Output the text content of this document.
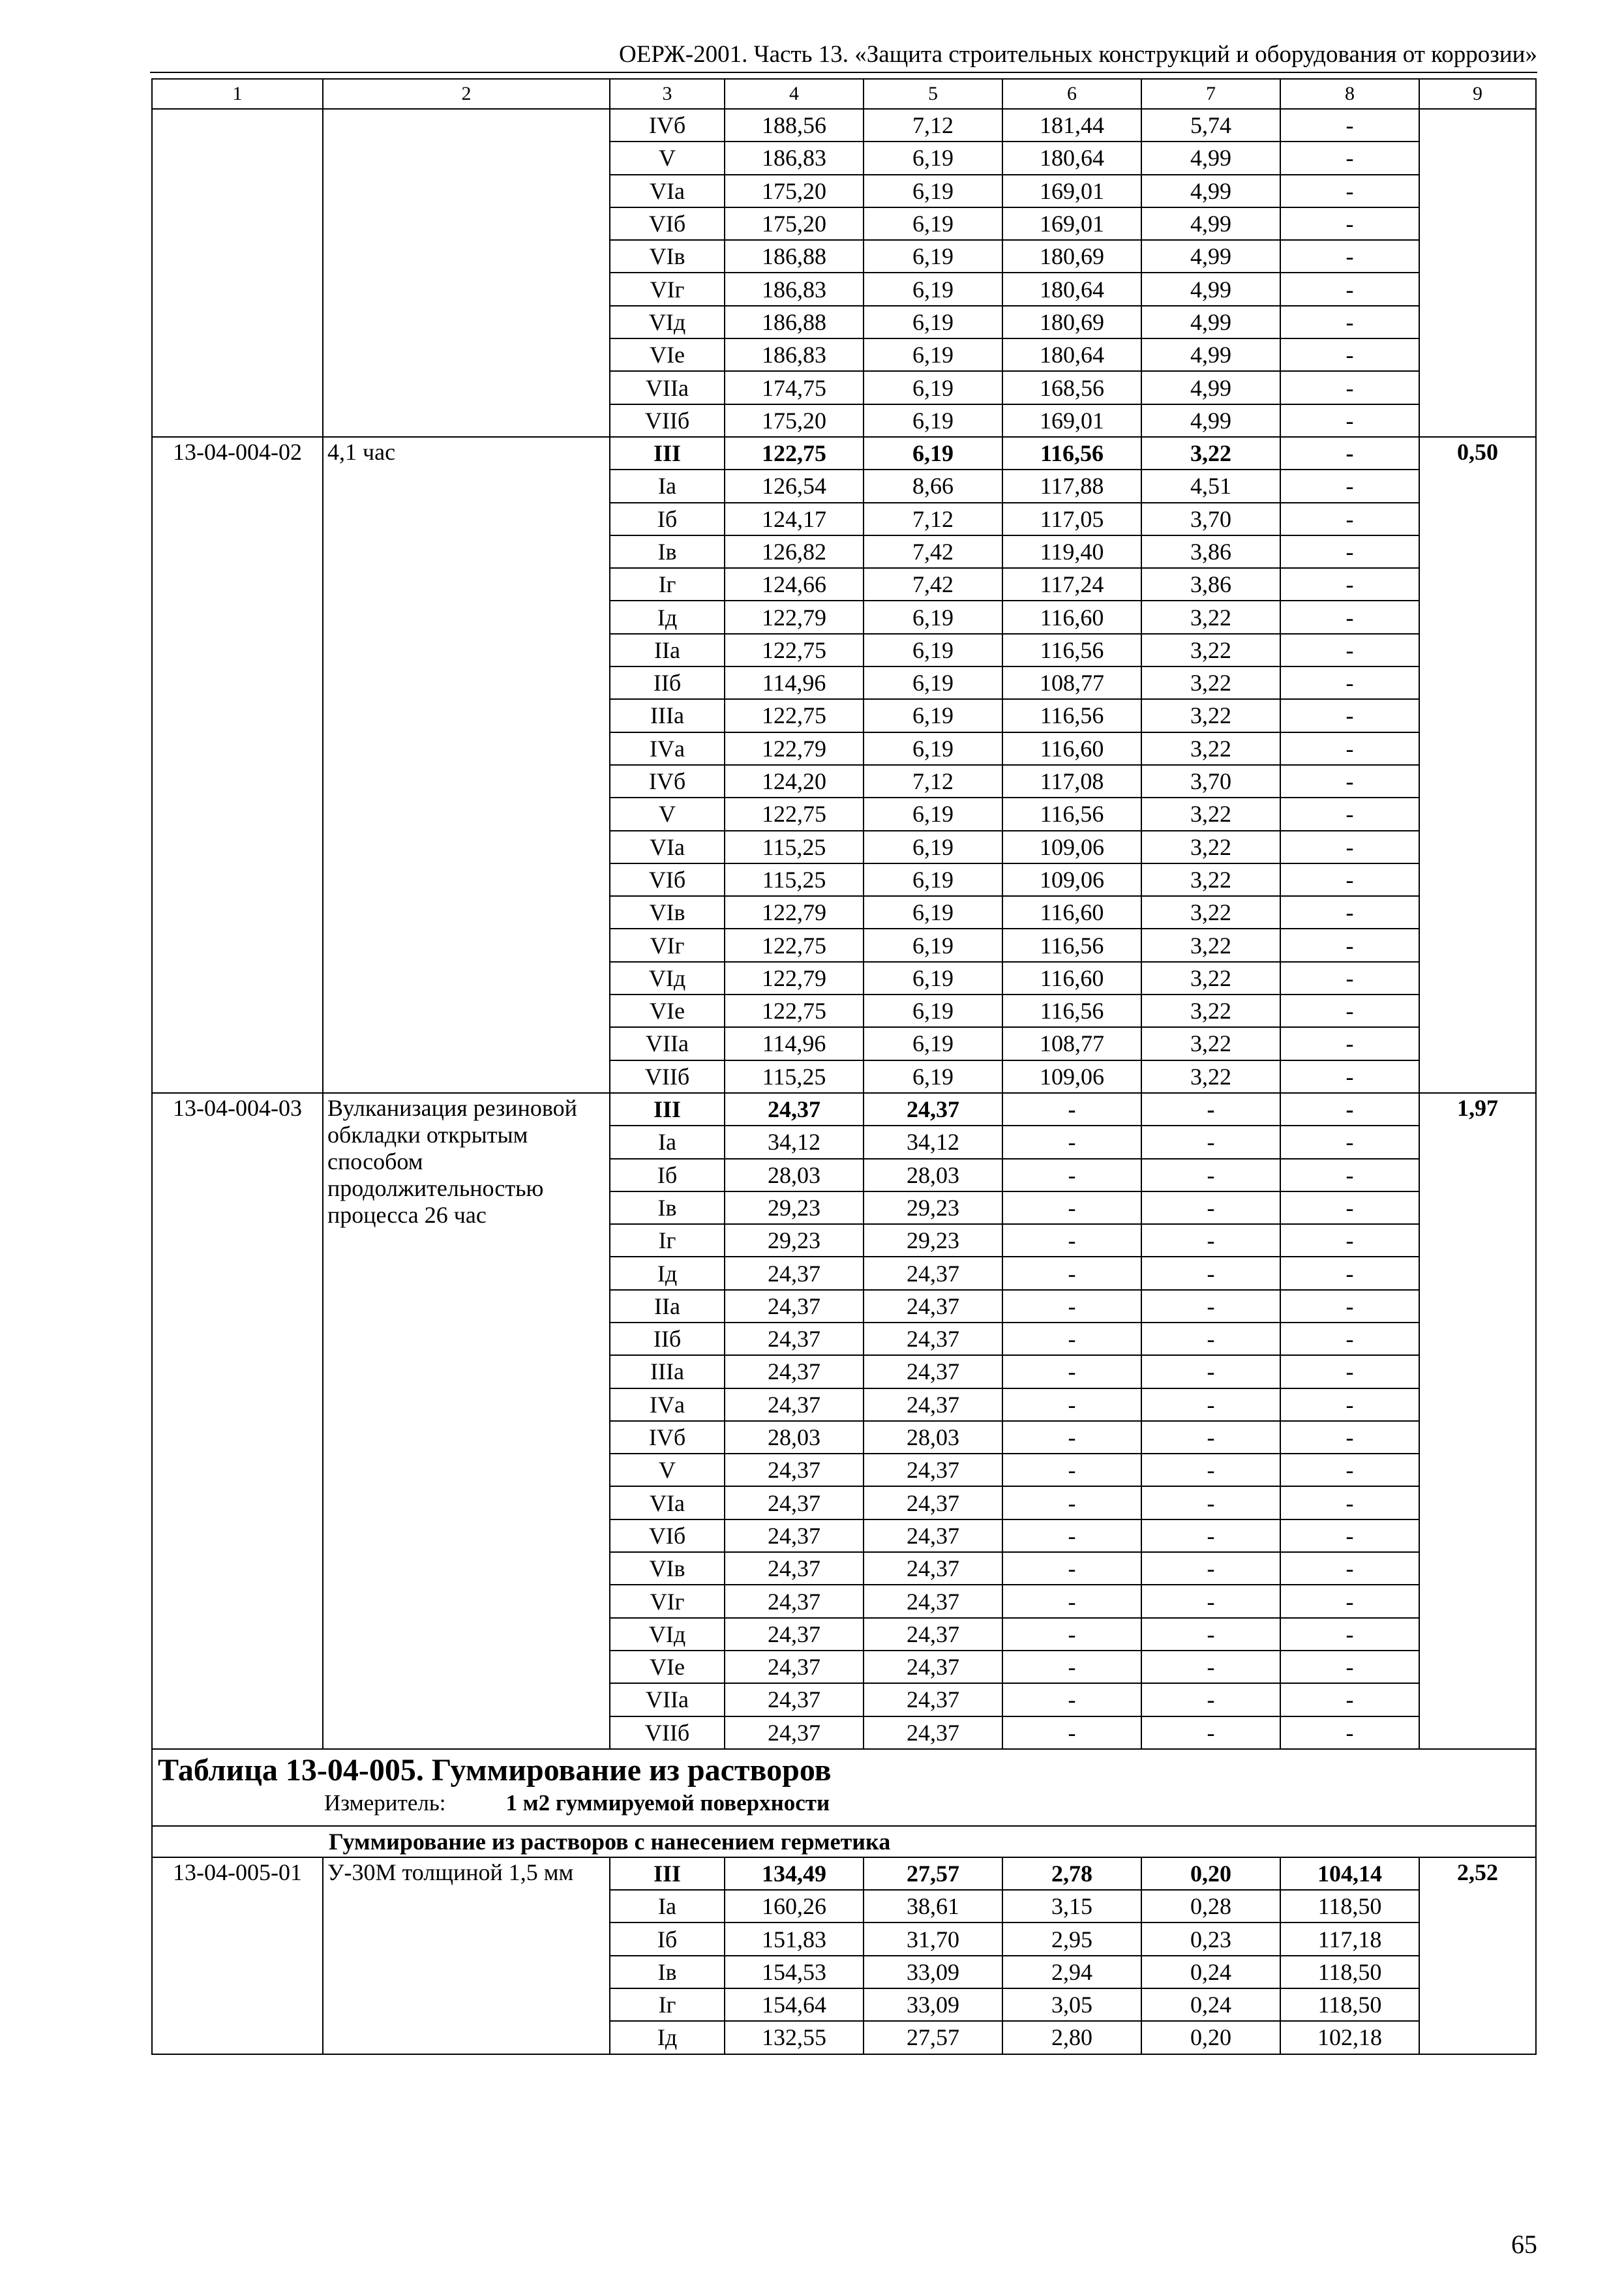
ОЕРЖ-2001. Часть 13. «Защита строительных конструкций и оборудования от коррозии»
1	2	3	4	5	6	7	8	9
		IVб	188,56	7,12	181,44	5,74	-	
		V	186,83	6,19	180,64	4,99	-	
		VIа	175,20	6,19	169,01	4,99	-	
		VIб	175,20	6,19	169,01	4,99	-	
		VIв	186,88	6,19	180,69	4,99	-	
		VIг	186,83	6,19	180,64	4,99	-	
		VIд	186,88	6,19	180,69	4,99	-	
		VIе	186,83	6,19	180,64	4,99	-	
		VIIа	174,75	6,19	168,56	4,99	-	
		VIIб	175,20	6,19	169,01	4,99	-	
13-04-004-02	4,1 час	III	122,75	6,19	116,56	3,22	-	0,50
		Iа	126,54	8,66	117,88	4,51	-	
		Iб	124,17	7,12	117,05	3,70	-	
		Iв	126,82	7,42	119,40	3,86	-	
		Iг	124,66	7,42	117,24	3,86	-	
		Iд	122,79	6,19	116,60	3,22	-	
		IIа	122,75	6,19	116,56	3,22	-	
		IIб	114,96	6,19	108,77	3,22	-	
		IIIа	122,75	6,19	116,56	3,22	-	
		IVа	122,79	6,19	116,60	3,22	-	
		IVб	124,20	7,12	117,08	3,70	-	
		V	122,75	6,19	116,56	3,22	-	
		VIа	115,25	6,19	109,06	3,22	-	
		VIб	115,25	6,19	109,06	3,22	-	
		VIв	122,79	6,19	116,60	3,22	-	
		VIг	122,75	6,19	116,56	3,22	-	
		VIд	122,79	6,19	116,60	3,22	-	
		VIе	122,75	6,19	116,56	3,22	-	
		VIIа	114,96	6,19	108,77	3,22	-	
		VIIб	115,25	6,19	109,06	3,22	-	
13-04-004-03	Вулканизация резиновой обкладки открытым способом продолжительностью процесса 26 час	III	24,37	24,37	-	-	-	1,97
		Iа	34,12	34,12	-	-	-	
		Iб	28,03	28,03	-	-	-	
		Iв	29,23	29,23	-	-	-	
		Iг	29,23	29,23	-	-	-	
		Iд	24,37	24,37	-	-	-	
		IIа	24,37	24,37	-	-	-	
		IIб	24,37	24,37	-	-	-	
		IIIа	24,37	24,37	-	-	-	
		IVа	24,37	24,37	-	-	-	
		IVб	28,03	28,03	-	-	-	
		V	24,37	24,37	-	-	-	
		VIа	24,37	24,37	-	-	-	
		VIб	24,37	24,37	-	-	-	
		VIв	24,37	24,37	-	-	-	
		VIг	24,37	24,37	-	-	-	
		VIд	24,37	24,37	-	-	-	
		VIе	24,37	24,37	-	-	-	
		VIIа	24,37	24,37	-	-	-	
		VIIб	24,37	24,37	-	-	-	

Таблица 13-04-005. Гуммирование из растворов
Измеритель: 1 м2 гуммируемой поверхности								

Гуммирование из растворов с нанесением герметика								
13-04-005-01	У-30М толщиной 1,5 мм	III	134,49	27,57	2,78	0,20	104,14	2,52
		Iа	160,26	38,61	3,15	0,28	118,50	
		Iб	151,83	31,70	2,95	0,23	117,18	
		Iв	154,53	33,09	2,94	0,24	118,50	
		Iг	154,64	33,09	3,05	0,24	118,50	
		Iд	132,55	27,57	2,80	0,20	102,18	
65
